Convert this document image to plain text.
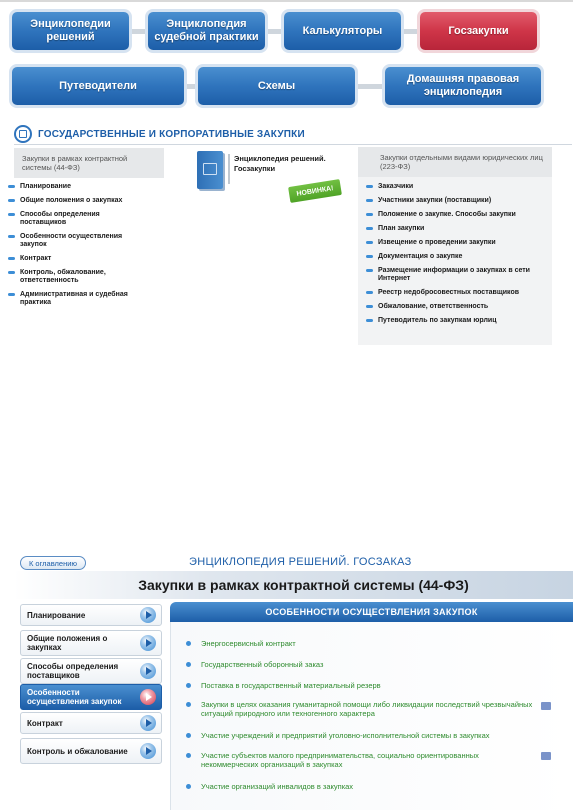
Энциклопедии
решений
Энциклопедия
судебной практики
Калькуляторы	Госзакупки
Путеводители	Схемы
Домашняя правовая
энциклопедия
ГОСУДАРСТВЕННЫЕ И КОРПОРАТИВНЫЕ ЗАКУПКИ
Закупки в рамках контрактной системы (44-ФЗ)
Планирование
Общие положения о закупках
Способы определения поставщиков
Особенности осуществления закупок
Контракт
Контроль, обжалование, ответственность
Административная и судебная практика
Энциклопедия решений. Госзакупки
НОВИНКА!
Закупки отдельными видами юридических лиц (223-ФЗ)
Заказчики
Участники закупки (поставщики)
Положение о закупке. Способы закупки
План закупки
Извещение о проведении закупки
Документация о закупке
Размещение информации о закупках в сети Интернет
Реестр недобросовестных поставщиков
Обжалование, ответственность
Путеводитель по закупкам юрлиц
К оглавлению	ЭНЦИКЛОПЕДИЯ РЕШЕНИЙ. ГОСЗАКАЗ
Закупки в рамках контрактной системы (44-ФЗ)
Планирование
Общие положения о закупках
Способы определения поставщиков
Особенности осуществления закупок
Контракт
Контроль и обжалование
ОСОБЕННОСТИ ОСУЩЕСТВЛЕНИЯ ЗАКУПОК
Энергосервисный контракт
Государственный оборонный заказ
Поставка в государственный материальный резерв
Закупки в целях оказания гуманитарной помощи либо ликвидации последствий чрезвычайных ситуаций природного или техногенного характера
Участие учреждений и предприятий уголовно-исполнительной системы в закупках
Участие субъектов малого предпринимательства, социально ориентированных некоммерческих организаций в закупках
Участие организаций инвалидов в закупках
